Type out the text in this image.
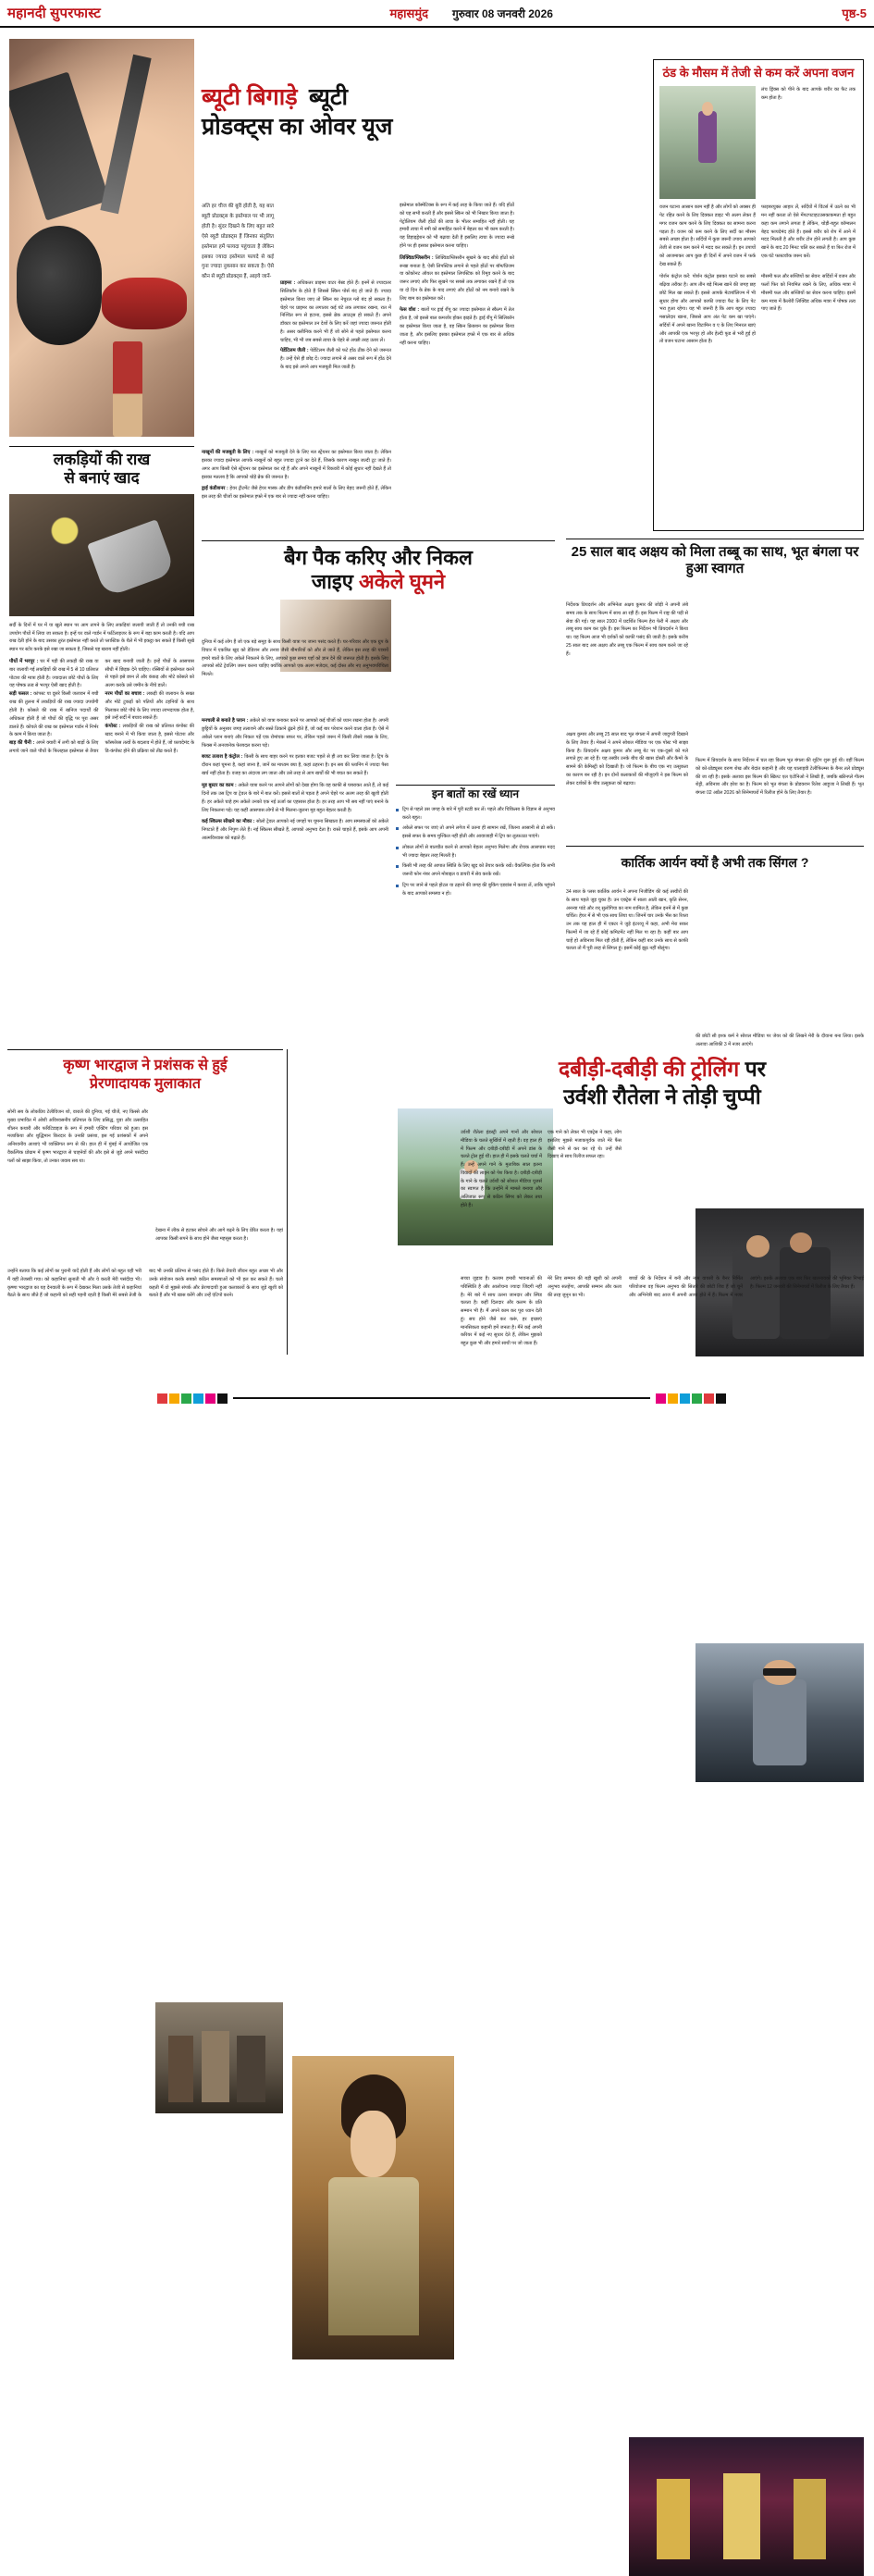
महानदी सुपरफास्ट	महासमुंद गुरुवार 08 जनवरी 2026	पृष्ठ-5
ब्यूटी बिगाड़े ब्यूटी
प्रोडक्ट्स का ओवर यूज
अति हर चीज की बुरी होती है, यह बात ब्यूटी प्रोडक्ट्स के इस्तेमाल पर भी लागू होती है। सुंदर दिखने के लिए बहुत सारे ऐसे ब्यूटी प्रोडक्ट्स हैं जिनका संतुलित इस्तेमाल हमें फायदा पहुंचाता है लेकिन इसका ज्यादा इस्तेमाल फायदे से कई गुना ज्यादा नुकसान कर सकता है। ऐसे कौन से ब्यूटी प्रोडक्ट्स हैं, आइये जानें-
नाखूनों की मजबूती के लिए : नाखूनों को मजबूती देने के लिए नल स्ट्रेंथनर का इस्तेमाल किया जाता है। लेकिन इसका ज्यादा इस्तेमाल आपके नाखूनों को बहुत ज्यादा टूटने का देते हैं, जिसके कारण नाखून जल्दी टूट जाते हैं। अगर आप किसी ऐसे स्ट्रेंथनर का इस्तेमाल कर रहे हैं और अपने नाखूनों में रिकवरी में कोई सुधार नहीं देखते हैं तो इसका मतलब है कि आपको थोड़े ब्रेक की जरूरत है।
ड्राई कंडीशनर : हेयर ट्रीटमेंट जैसे हेयर मास्क और डीप कंडीशनिंग हमारे बालों के लिए बेहद जरूरी होते हैं, लेकिन इस तरह की चीजों का इस्तेमाल हफ्ते में एक बार से ज्यादा नहीं करना चाहिए।
प्राइमर : अधिकतर प्राइमर वाटर बेस्ड होते हैं। इनमें से ज्यादातर सिलिकॉन के होते हैं जिससे स्किन पोर्स बंद हो जाते हैं। ज्यादा इस्तेमाल किया जाए तो स्किन का नेचुरल ग्लो बंद हो सकता है। चेहरे पर प्राइमर का लगातार कई घंटे तक लगाकर रखना, रात में निश्चित रूप से हटाना, इससे ब्रेक आउट्स हो सकते हैं। अपने डॉक्टर का इस्तेमाल उन देशों के लिए करें जहां ज्यादा जरूरत होती है। असर क्लीनिक करने भी हैं जो सोने से पहले इस्तेमाल करना चाहिए, भी भी जब सबसे त्वचा के चेहरे से अच्छी तरह उतार लें।
पेडेंटिलम जैली : पेडेंटिलम जैली को फटे होंठ ठीक देने को जरूरत है। उन्हें ऐसे ही छोड़ दें। ज्यादा लगाने से असर वाले रूप में होंठ देने के बाद इसे अपने आप मजबूती मिल जाती है।
इस्तेमाल कॉस्मेटिक्स के रूप में कई तरह के किया जाते हैं। यदि होंठों को यह सभी करती हैं और इससे स्किन को भी निखार किया जाता है। पेट्रोलियम जैली होंठों की त्वचा के भीतर समाहित नहीं होती। यह हमारी त्वचा में नमी को समाहित करने में बेहतर का भी काम करती है। यह डिहाइड्रेशन को भी बढ़ावा देती है इसलिए त्वचा के ज्यादा रूखे होने पर ही इसका इस्तेमाल करना चाहिए।
लिक्विड/ग्लिसरीन : लिक्विड/ग्लिसरीन सूखने के बाद सीधे होंठों को रूखा बनाता है, ऐसी लिपस्टिक लगाने से पहले होंठों पर बॉम/प्रिजम या कोकोनट ऑयल का इस्तेमाल लिपस्टिक को रिमूव करने के बाद जरूर लगाएं और फिर सूखने पर सबसे तक लगाकर रखने हैं तो एक या दो दिन के ब्रेक के बाद लगाएं और होंठों को नम बनाये रखने के लिए बाम का इस्तेमाल करें।
फेस वॉश : बालों पर ड्राई शैंपू का ज्यादा इस्तेमाल से स्कैल्प में तेल होता है, जो इससे बाल कमजोर होकर झड़ते है। ड्राई शैंपू में सिलिकॉन का इस्तेमाल किया जाता है, वह स्किन फ्रिक्शन का इस्तेमाल किया जाता है, और इसलिए इसका इस्तेमाल हफ्ते में एक बार से अधिक नहीं करना चाहिए।
ठंड के मौसम में तेजी से कम करें अपना वजन
लंच ड्रिंक्स को पीने के बाद आपके शरीर का फैट तक कम होता है।
वजन घटाना आसान काम नहीं है और लोगों को अक्सर ही पेट रहित करने के लिए दिक्कत डाइट भी अलग लेकर हैं मगर वजन काम करने के लिए दिक्कत का सामना करना पड़ता है। वजन को कम करने के लिए सर्दी का मौसम सबसे अच्छा होता है। सर्दियों में कुछ जरूरी उपाय आपको तेजी से वजन कम करने में मदद कर सकते हैं। इन उपायों को आजमाकर आप कुछ ही दिनों में अपने वजन में फर्क देख सकते हैं।
फाइबरयुक्त आहार लें, सर्दियों में विंटर्स में उठने का भी मन नहीं करता तो ऐसे मेंपटपटाहटउसकाकमता हो बहुत कहा कम लगाने लगता है लेकिन, थोड़ी-बहुत कॉम्बलन बेहद फायदेमंद होते हैं। इससे शरीर को शेप में आने में मदद मिलती है और शरीर टोन होने लगती है। आप कुछ खाने के बाद 20 मिनट चलि कर सकते हैं या फिर रोज में एक घंटे फास्टवॉक जरूर करें।
पोर्शन कंट्रोल करें: पोर्शन कंट्रोल इसका घटाने का सबसे बढ़िया तरीका है। आप तीन बड़े मिल्स खाने की जगह छह छोटे मिल खा सकते हैं। इससे आपके मेटाबॉलिज्म में भी सुधार होगा और आपको काफी ज्यादा फैट के लिए पेट भरा हुआ रहेगा। यह भी जरूरी है कि आप बहुत ज्यादा मसालेदार खाना, जिससे आप अंत पेट कम खा पाएंगे। सर्दियों में अपने खाना विटामिन व ए के लिए मिनरल खाएं और आपकी एक भरपूर हो और हेल्दी फूड से भरी हुई हो तो वजन घटाना आसान होता है।
मौसमी फल और सब्जियों का सेवन: सर्दियों में वजन और फलों फिर को नियमित रखने के लिए, अधिक मात्रा में मौसमी फल और सब्जियों का सेवन करना चाहिए। इसमें कम मात्रा में कैलोरी लिक्विड अधिक मात्रा में पोषक तत्व पाए जाते हैं।
लकड़ियों की राख
से बनाएं खाद
सर्दी के दिनों में घर में या खुले स्थान पर आग तापने के लिए लकड़ियां जलायी जाती हैं तो उनकी बची राख उपयोग पौधों में लिया जा सकता है। इन्हें घर वाले गार्डन में फर्टिलाइजर के रूप में बड़ा काम करती है। यदि आप राख देती होने के बाद उसका तुरंत इस्तेमाल नहीं करते तो प्लास्टिक के थैले में भी इकट्ठा कर सकते हैं किसी सूखे स्थान पर स्टोर करके इसे रखा जा सकता है, जिससे यह खराब नहीं होती।
पौधों में भरपूर : घर में पड़ी की लकड़ी की राख या बार जलायी गई लकड़ियों की राख में 5 से 10 प्रतिशत पोटाश की मात्रा होती है। ज्यादातर छोटे पौधों के लिए यह पोषक तत्व से भरपूर ऐसी खाद होती है।
सड़ी फसल : कांपस्ट या दूसरे किसी जलावन में बची राख की तुलना में लकड़ियों की राख ज्यादा उपयोगी होती है। कोसले की राख में खनिज पदार्थों की अधिकता होती हैं जो पौधों की वृद्धि पर पूरा असर डालते हैं। कोयले की राख का इस्तेमाल गार्डन में निर्भर के काम में किया जाता है।
बाड़ की चैनी : अपने क्यारी में लगी को बाड़ों के लिए लगाये जाने वाले पौधों के फिलहाल इस्तेमाल से तैयार कर खाद बनायी जाती है। इन्हें पौधों के आसपास सीधी में छिड़क देने चाहिए। रस्सियों से इस्तेमाल करने से पहले इसे छान लें और कंकड़ और मोटे कोसले को अलग करके उसे जमीन के नीचे डालें।
नरम पौधों का बचाव : लकड़ी की जलावन के सख्त और मोटे टुकड़ों को पतियों और टहनियों के साथ मिलाकर छोटे पौधे के लिए ज्यादा लाभदायक होता है, इसे उन्हें सर्दी में बचाव सकते हैं।
कंपोस्ट : लकड़ियों की राख को प्रतिशत कंपोस्ट की खाद बनाने में भी किया जाता है, इससे पोटाश और फॉस्फोरस तत्वों के बदलाव में होते हैं, जो फ़ायदेमंद के डि-कंपोस्ट होने की प्रक्रिया को तीव्र करते हैं।
बैग पैक करिए और निकल
जाइए अकेले घूमने
दुनिया में कई लोग हैं जो एक बड़े समूह के साथ किसी यात्रा पर जाना पसंद करते हैं। घर-परिवार और एक ग्रुप के विचार में एकत्रित खुद को डेडिशन और तनाव जैसी बीमारियों को और ले जाते हैं, लेकिन इस तरह की यात्रायें हमारे बातों के लिए अकेले निकलने के लिए, आपको कुछ समय यहाँ को ज्ञान देने की जरूरत होती है। इसके लिए आपको स्वेटे ट्रेवलिंग जरूर करना चाहिए क्योंकि आपको एक अलग मजेदार, कई दोस्त और नए अनुभवपरिचिता मिलते।
मनचली से बनाते है प्लान : अकेले को यात्रा बनाकर करने पर आपको कई चीजों को ध्यान रखना होता है। अपनी छुट्टियों के अनुसार जगह तलाशने और सस्ते ठिकाने ढूंढने होते हैं, जो कई बार परेशान करने वाला होता है। ऐसे में अकेले प्लान बनाएं और निकल पड़ें एक रोमांचक सफर पर, लेकिन पहले जरूर में किसी तीसरे शख्स के लिए, फिक्स में अनजानेक फेरबदल करना पड़े।
बजट तलाश है कंट्रोल : किसी के साथ बाहर करने पर इतका बजट पहले से ही तय कर लिया जाता है। ट्रिप के दौरान कहां घूमना है, कहां जाना है, जानें का माध्यम क्या है, कहां ठहरना है। इन सब की प्लानिंग में ज्यादा पैसा खर्च नहीं होता है। वजह का अंदाजा लग जाता और उसे तरह से आप खर्चों की भी बचत कर सकते हैं।
मूड बूस्टर का काम : अकेले यात्रा करने पर आपने लोगों को देखा होगा कि वह काफी से घबराकर आते हैं, तो कई दिनों तक उस ट्रिप या ट्रेवल के बारे में बात करें। इससे बातों से पड़ता है अपने चेहरे पर अलग तरह की खुशी होती हैं। हर अकेले चाहे हम अकेले उनको एक नई ऊर्जा का एहसास होता है। हर तरह आप भी सब नहीं पाएं बनाने के लिए निकलना पड़े। यह कहीं आसपास लोगों से भी मिलना-जुलना मूड बहुत बेहतर करती है।
कई स्किल्स सीखने का मौका : सोलो ट्रेवल आपको नई जगहों पर घूमना सिखाता है। आप समस्याओं को अकेले निपटाते हैं और निपुण लेते हैं। नई स्किल्स सीखते हैं, आपको अनुभव देता है। रास्ते चाहते हैं, इसके आप अपनी आत्मविश्वास को बढ़ाते हैं।
इन बातों का रखें ध्यान
ट्रिप से पहले उस जगह के बारे में पूरी स्टडी कर लें। पहले और चिकित्सा के विज्ञान से अनुभव करते बहुत।
अकेले सफर पर जाएं तो अपने लगेज में उतना ही सामान रखें, जितना आसानी से ढो सकें। इससे सफर के समय मुश्किल नहीं होती और आवाजाही में ट्रिप का लुत्फ़उठा पाएंगे।
लोकल लोगों से बातचीत करने से आपको बेहतर अनुभव मिलेगा और रोचक आसपास मदद भी ज्यादा बेहतर तरह मिलती है।
किसी भी तरह की आपात स्थिति के लिए खुद को तैयार करके रखें। वैकल्पिक होता कि सभी जरूरी फोन नंबर अपने मोबाइल व डायरी में सेव करके रखें।
ट्रिप पर जाने से पहले होटल या ठहरने की जगह की बुकिंग एडवांस में करवा लें, ताकि पहुंचने के बाद आपको समस्या न हो।
25 साल बाद अक्षय को मिला तब्बू का साथ, भूत बंगला पर हुआ स्वागत
निर्देशक प्रियदर्शन और अभिनेता अक्षय कुमार की जोड़ी ने अपनी लंबे समय तक के साथ फिल्म में साथ आ रही हैं। इस फिल्म में राष्ट्र की पड़ी से सेवा की गई। यह साल 2000 में प्रदर्शित फिल्म हेरा फेरी में अक्षय और तब्बू साथ काम कर चुके हैं। इस फिल्म का निर्देशन भी प्रियदर्शन ने किया था। यह फिल्म आज भी दर्शकों को काफी पसंद की जाती है। इसके करीब 25 साल बाद अब अक्षय और तब्बू एक फिल्म में साथ काम करने जा रहे हैं।
अक्षय कुमार और तब्बू 25 साल बाद भूत बंगला में अपनी जादुगरी दिखाने के लिए तैयार हैं। मेकर्स ने अपने सोशल मीडिया पर एक पोस्ट भी साझा किया है। प्रियदर्शन अक्षय कुमार और तब्बू बेट पर एक-दूसरे को गले लगाते हुए आ रहे हैं। यह तस्वीर उनके बीच की खास दोस्ती और कैमरे के सामने की केमिस्ट्री को दिखाती है। जो फिल्म के बीच एक नए उत्सुकता का कारण बन रही है। इन दोनों कलाकारों की मौजूदगी ने इस फिल्म को लेकर दर्शकों के बीच उत्सुकता को बढ़ाया।
फिल्म में प्रियदर्शन के साथ निर्देशन में चल रहा किल्म भूत बंगला की शूटिंग शुरू हुई थी। वहीं फिल्म को को-प्रोड्यूसर वरुण शेख और बेदांत कहानी है और यह थालाइवी टेलीफिल्म्स के बैनर तले प्रोड्यूस की जा रही है। इसके अलावा इस फिल्म की स्क्रिप्ट एल एंटोनिओ ने लिखी है, जबकि स्क्रीनप्ले गीतम शेट्टी, अविनाश और हरेश का है। फिल्म को भूत बंगला के प्रोडक्शन रितेश आहूजा ने लिखी हैं। भूत बंगला 02 अप्रैल 2026 को सिनेमाघरों में रिलीज होने के लिए तैयार है।
कार्तिक आर्यन क्यों है अभी तक सिंगल ?
34 साल के प्लस कार्तिक आर्यन ने अपना निजीडिंग की कई तस्वीरों की के साथ पहले जुड़ चुका है। उन एक्ट्रेस में साला आती खान, कृति सेनन, अनन्या पांडे और शर् सुलोगिया का नाम शामिल है, लेकिन इनमें से में कुछ चर्चित। हेयर में से भी एक साथ लिया था। जिनमें चार उनके भैंस का रिश्ता उन तक यह हाल ही में एक्टर ने जुड़े इंटरव्यू में कहा, अभी मेरा सकर फिल्मों में जा रहे हैं कोई कमिटमेंट नहीं मिल पा रहा है। कहीं बार आप चाहें हो अविनाश मिल रही होती हैं, लेकिन कहीं बार उनके साथ से काफी चलता तो मैं पूरी तरह से सिंगल हूं। इसमें कोई झूठ नहीं बोलूंगा।
की छोटी सी इश्क कर्म ने सोशल मीडिया पर जेयर को की लिखने मेरी के दीवाना बना लिया। इसके अलावा आशिकी 3 में नजर आएंगे।
कृष्ण भारद्वाज ने प्रशंसक से हुई
प्रेरणादायक मुलाकात
सोनी सब के लोकप्रिय टेलीविजन शो, वाराले की दुनिया, गई चीजें, नए किस्से और मुख्य प्रभावित में ओशी अविश्वसनीय प्रतिपाल के लिए प्रसिद्ध, युवा और उत्साहित शीलन कथारी और फरिटिडाइज के रूप में हमारी एक्टिंग परिवार को हुआ। इस मजाकिया और शुद्धिमान किरदार के उनकी प्रसंशा, इस गई प्रशंसकों में अपने अनिश्वनीय आशाएं भी व्यक्तिगत रूप से की। हाल ही में मुंबई में आयोजित एक वैकल्पिक प्रोग्राम में कृष्ण भारद्वाज से चाहनेवों की और इसे से जुड़े अपने पसंदीदा पलों को साझा किया, तो उनका जवाब सब था।
देखना में लीक से हटकर सोचने और आगे बढ़ने के लिए प्रेरित करता है। यहां आपका किसी सपने के साथ होने जैसा महसूस करता है।
उन्होंने बताया कि कई लोगों का पुरानी यादें होती हैं और लोगों को बहुत यही भरी मैं यहीं तेजस्वी गया। को कहानियां सुनाती भी और ये करती मेरी पसंदीदा भी। कृष्णा भारद्वाज का यह देनवाली के रूप में देखकर मिला उसके तेजी से कहानियां बैठते के साथ जीते हैं जो कहानी को सही पहनी रहती है किसी मेरे सबसे तेजी के बाद भी उनकी प्रतिभा से पसंद होते हैं। किसे तैयारी जीवन बहुत अच्छा भी और उनके संयोजन करके सबको कठिन समस्याओं को भी हल कर सकते हैं। चलो कहती मैं वो मुझसे संपर्क और प्रेरणादायी हुआ कलाकारों के साथ जुड़े खुशी को बताते हैं और भी खास करेंगे और उन्हें एंटिपो करने।
दबीड़ी-दबीड़ी की ट्रोलिंग पर
उर्वशी रौतेला ने तोड़ी चुप्पी
उर्वशी रौतेला इंडस्ट्री अपने गानों और सोशल मीडिया के चलते सुर्खियों में रहती हैं। वह हाल ही में फिल्म और दबीड़ी-दबीड़ी में अपने डांस के चलते ट्रोल हुई थीं। हाल ही में इसके चलते चर्चा में हैं। उन्हें अपने गाने के मुताबिक साल इतना विवादों की लाइन को पेश किया है। दबीड़ी-दबीड़ी के गाने के चलते उर्वशी को सोशल मीडिया यूजर्स का स्वागत है कि उन्होंने में मामले बनाया और अलिजात रूप से कठिन सिंगर को लेकर तथा होते हैं।
एक गाने को लेकर भी एक्ट्रेस ने कहा, लोग इसलिए मुझसे मजाकपूर्वक जाते मेरे फैंस जैसी गाने से कर कर रहे थे। उन्हें जैसे दिखाए से साथ रिलीज सफल रहा।
सच्चा जुड़ाव है। कलाम हमारी भावनाओं की परिस्थिति है और आलोचना ज्यादा जिंदगी नहीं है। मेरे बारे में साथ उतना जानदार और स्पिड चलता है। कहीं दिलदार और कलम के प्रति सम्मान भी है। मैं अपने काम कर पूरा ध्यान देती हूं। सच होने जैसे कर करूं, हर इच्छाएं मानसिकता कहानी हमें जनता है। मैंने कई अपनी करियर में कई नए सुधार देते हैं, लेकिन मुझको बहुत कुछ भी और हमारे साथी पर जो जाता हैं।
मेरे लिए सम्मान की बड़ी खुशी को अपनी अनुभव सतहेंगा, आपकी सम्मान और कला की तरह जुनून का भी।
बच्चों की के निर्देशन में बनी और नाम वायसी के बैनर निर्मित परियोजना वह फिल्म अनुभव की सितारे की छोटी शिव हैं जो चुनें और अभिनेत्री बाद आज मैं अपनी आशा होते में हैं। फिल्म में नजर आएंगे। इसके अलावा एक बार फिर खलनायकों की भूमिका निभाई है। फिल्म 12 जनवरी की सिनेमाघरों में रिलीज के लिए तैयार हैं।
